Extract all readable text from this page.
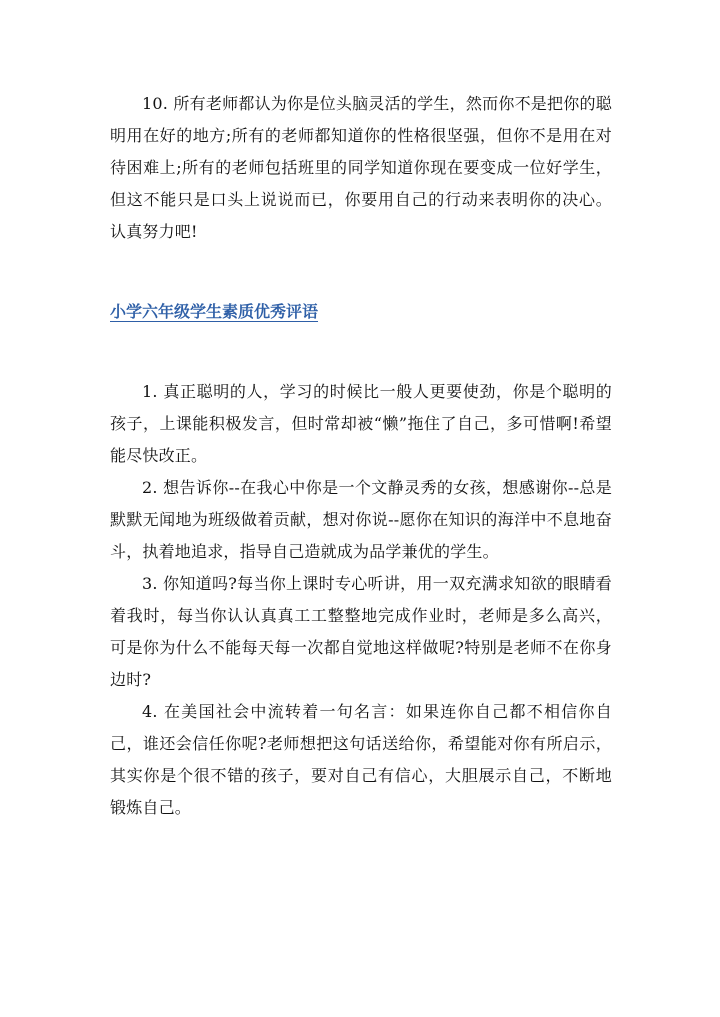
10. 所有老师都认为你是位头脑灵活的学生，然而你不是把你的聪明用在好的地方;所有的老师都知道你的性格很坚强，但你不是用在对待困难上;所有的老师包括班里的同学知道你现在要变成一位好学生，但这不能只是口头上说说而已，你要用自己的行动来表明你的决心。认真努力吧!

小学六年级学生素质优秀评语

1. 真正聪明的人，学习的时候比一般人更要使劲，你是个聪明的孩子，上课能积极发言，但时常却被“懒”拖住了自己，多可惜啊!希望能尽快改正。

2. 想告诉你--在我心中你是一个文静灵秀的女孩，想感谢你--总是默默无闻地为班级做着贡献，想对你说--愿你在知识的海洋中不息地奋斗，执着地追求，指导自己造就成为品学兼优的学生。

3. 你知道吗?每当你上课时专心听讲，用一双充满求知欲的眼睛看着我时，每当你认认真真工工整整地完成作业时，老师是多么高兴，可是你为什么不能每天每一次都自觉地这样做呢?特别是老师不在你身边时?

4. 在美国社会中流转着一句名言：如果连你自己都不相信你自己，谁还会信任你呢?老师想把这句话送给你，希望能对你有所启示，其实你是个很不错的孩子，要对自己有信心，大胆展示自己，不断地锻炼自己。
